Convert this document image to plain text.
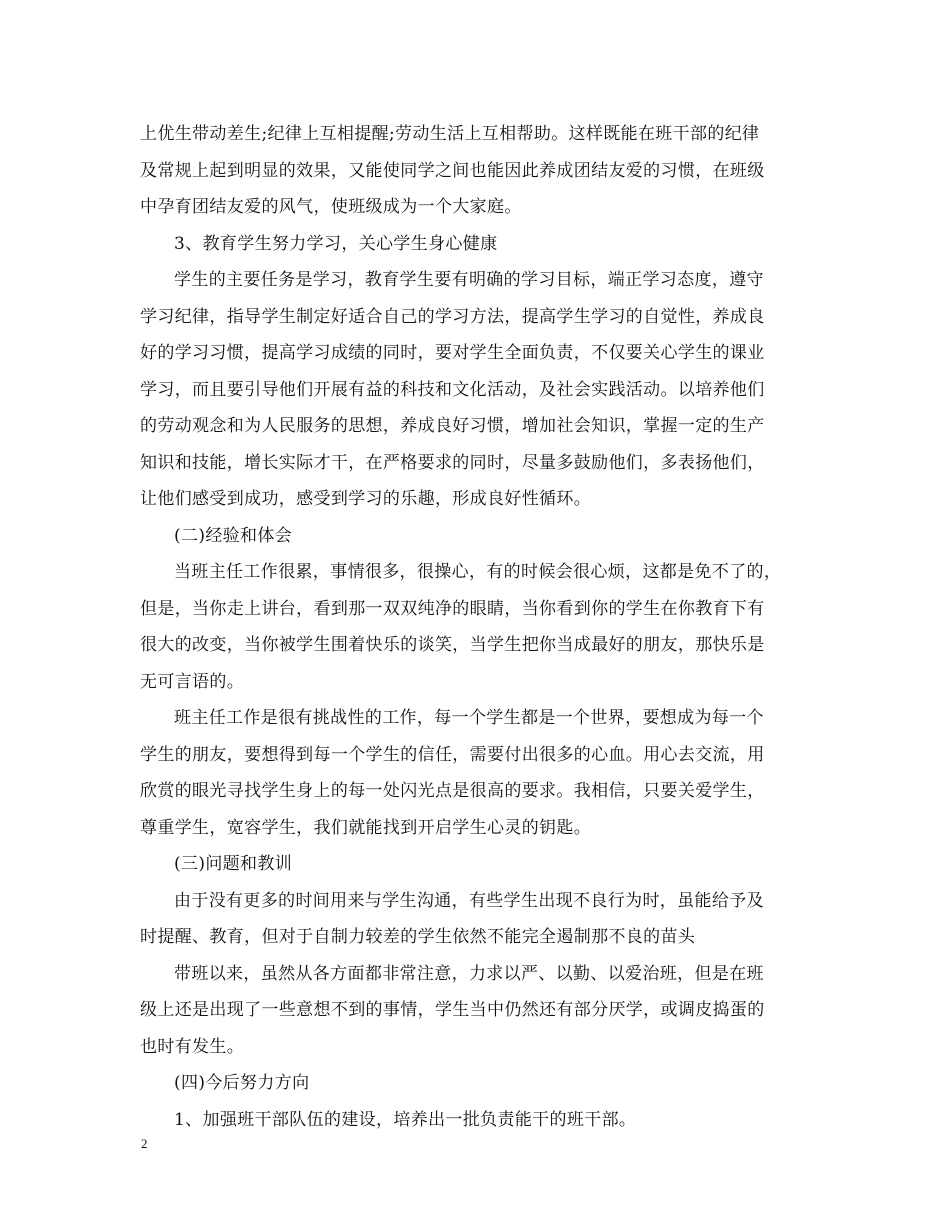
上优生带动差生;纪律上互相提醒;劳动生活上互相帮助。这样既能在班干部的纪律
及常规上起到明显的效果，又能使同学之间也能因此养成团结友爱的习惯，在班级
中孕育团结友爱的风气，使班级成为一个大家庭。
3、教育学生努力学习，关心学生身心健康
学生的主要任务是学习，教育学生要有明确的学习目标，端正学习态度，遵守
学习纪律，指导学生制定好适合自己的学习方法，提高学生学习的自觉性，养成良
好的学习习惯，提高学习成绩的同时，要对学生全面负责，不仅要关心学生的课业
学习，而且要引导他们开展有益的科技和文化活动，及社会实践活动。以培养他们
的劳动观念和为人民服务的思想，养成良好习惯，增加社会知识，掌握一定的生产
知识和技能，增长实际才干，在严格要求的同时，尽量多鼓励他们，多表扬他们，
让他们感受到成功，感受到学习的乐趣，形成良好性循环。
(二)经验和体会
当班主任工作很累，事情很多，很操心，有的时候会很心烦，这都是免不了的，
但是，当你走上讲台，看到那一双双纯净的眼睛，当你看到你的学生在你教育下有
很大的改变，当你被学生围着快乐的谈笑，当学生把你当成最好的朋友，那快乐是
无可言语的。
班主任工作是很有挑战性的工作，每一个学生都是一个世界，要想成为每一个
学生的朋友，要想得到每一个学生的信任，需要付出很多的心血。用心去交流，用
欣赏的眼光寻找学生身上的每一处闪光点是很高的要求。我相信，只要关爱学生，
尊重学生，宽容学生，我们就能找到开启学生心灵的钥匙。
(三)问题和教训
由于没有更多的时间用来与学生沟通，有些学生出现不良行为时，虽能给予及
时提醒、教育，但对于自制力较差的学生依然不能完全遏制那不良的苗头
带班以来，虽然从各方面都非常注意，力求以严、以勤、以爱治班，但是在班
级上还是出现了一些意想不到的事情，学生当中仍然还有部分厌学，或调皮捣蛋的
也时有发生。
(四)今后努力方向
1、加强班干部队伍的建设，培养出一批负责能干的班干部。
2
